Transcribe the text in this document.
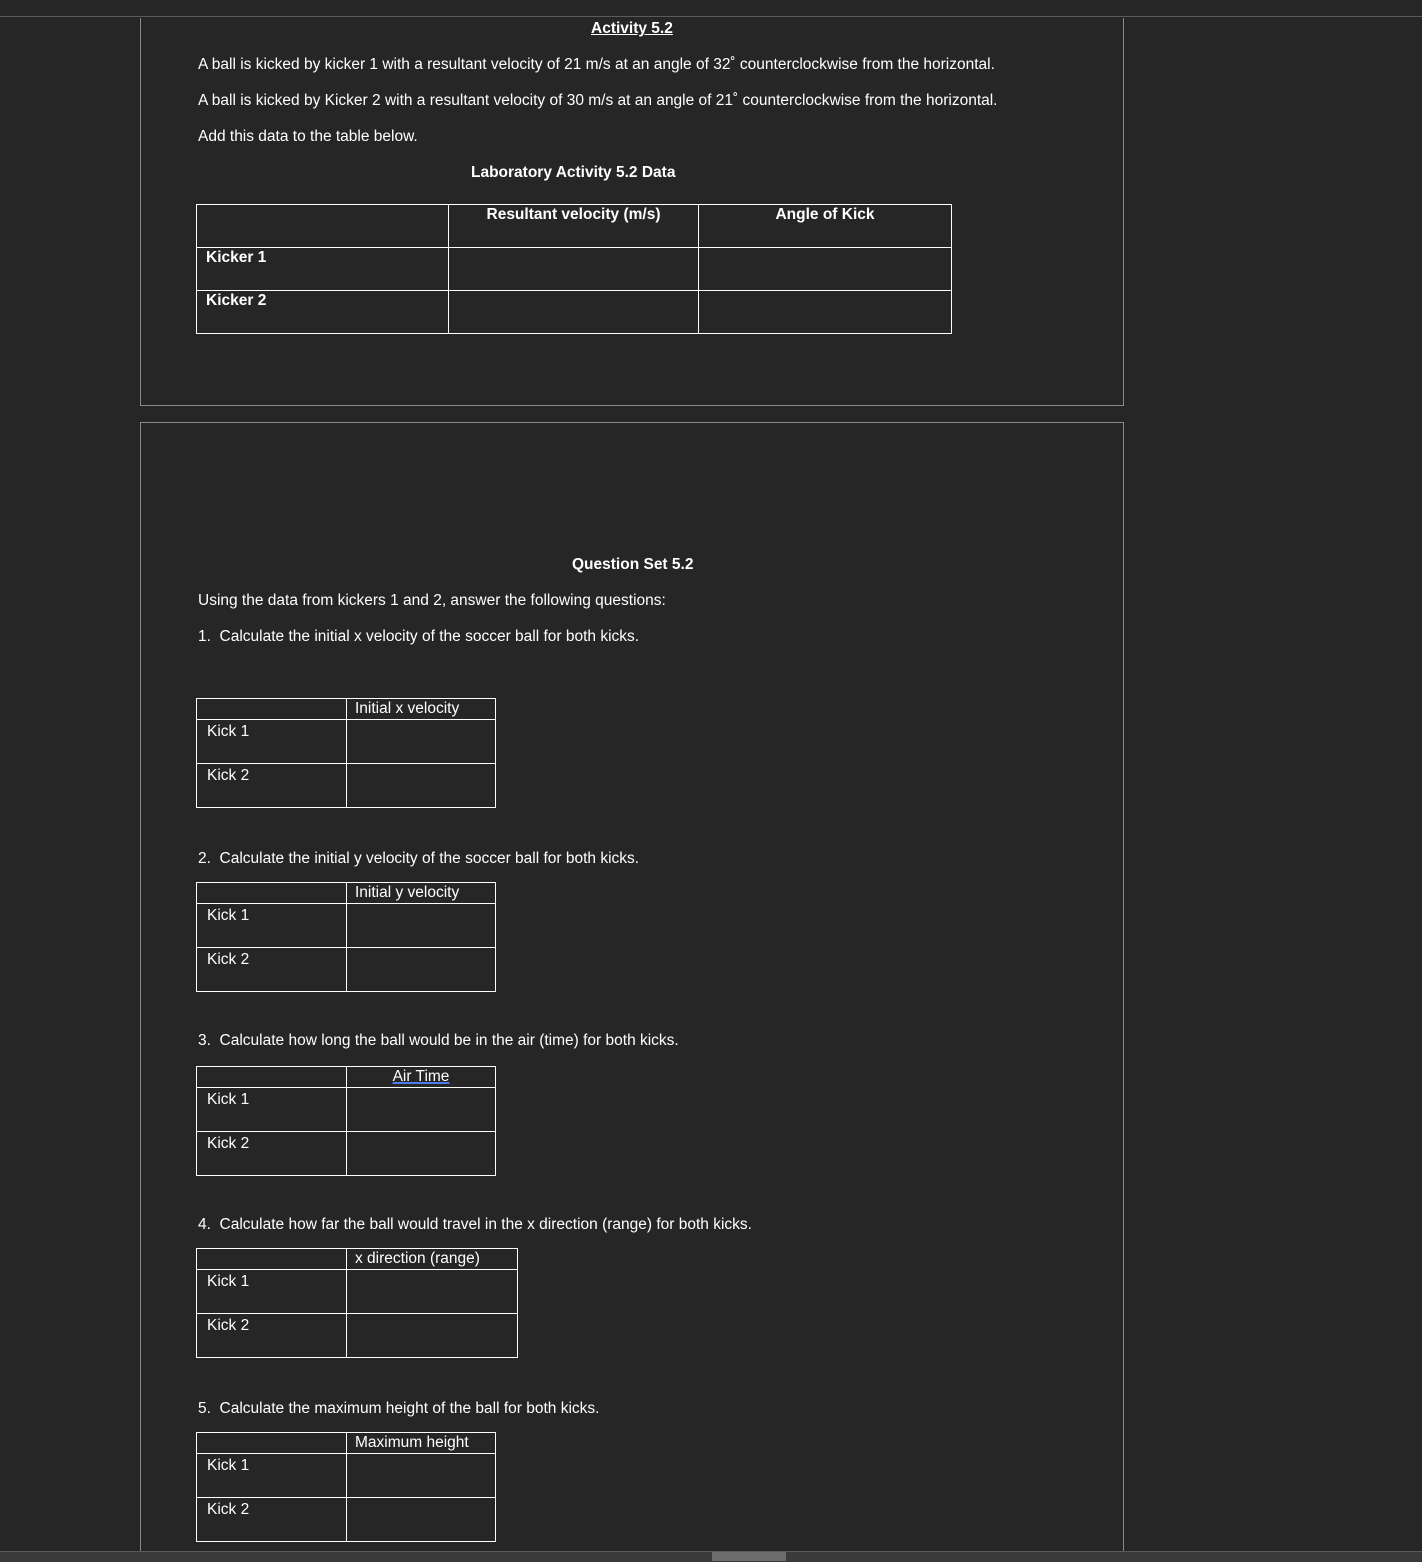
Activity 5.2
A ball is kicked by kicker 1 with a resultant velocity of 21 m/s at an angle of 32˚ counterclockwise from the horizontal.
A ball is kicked by Kicker 2 with a resultant velocity of 30 m/s at an angle of 21˚ counterclockwise from the horizontal.
Add this data to the table below.
Laboratory Activity 5.2 Data
	Resultant velocity (m/s)	Angle of Kick
Kicker 1		
Kicker 2		
Question Set 5.2
Using the data from kickers 1 and 2, answer the following questions:
1.  Calculate the initial x velocity of the soccer ball for both kicks.
	Initial x velocity
Kick 1	
Kick 2	
2.  Calculate the initial y velocity of the soccer ball for both kicks.
	Initial y velocity
Kick 1	
Kick 2	
3.  Calculate how long the ball would be in the air (time) for both kicks.
	Air Time
Kick 1	
Kick 2	
4.  Calculate how far the ball would travel in the x direction (range) for both kicks.
	x direction (range)
Kick 1	
Kick 2	
5.  Calculate the maximum height of the ball for both kicks.
	Maximum height
Kick 1	
Kick 2	
